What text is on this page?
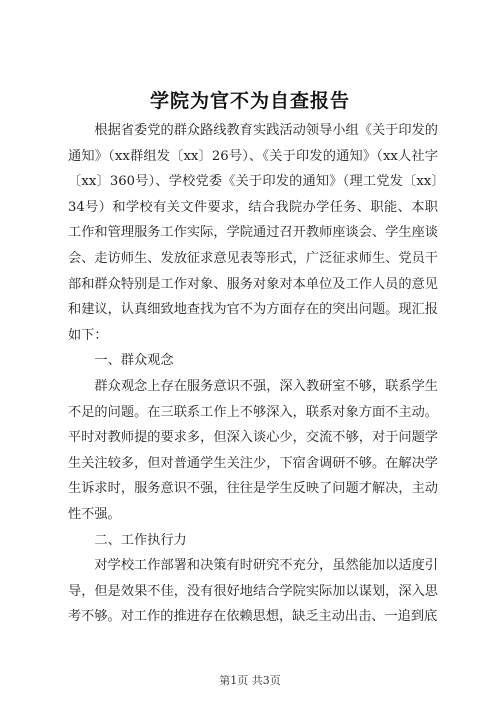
学院为官不为自查报告

根据省委党的群众路线教育实践活动领导小组《关于印发的通知》（xx群组发〔xx〕26号）、《关于印发的通知》（xx人社字〔xx〕360号）、学校党委《关于印发的通知》（理工党发〔xx〕34号）和学校有关文件要求，结合我院办学任务、职能、本职工作和管理服务工作实际，学院通过召开教师座谈会、学生座谈会、走访师生、发放征求意见表等形式，广泛征求师生、党员干部和群众特别是工作对象、服务对象对本单位及工作人员的意见和建议，认真细致地查找为官不为方面存在的突出问题。现汇报如下：

一、群众观念

群众观念上存在服务意识不强，深入教研室不够，联系学生不足的问题。在三联系工作上不够深入，联系对象方面不主动。平时对教师提的要求多，但深入谈心少，交流不够，对于问题学生关注较多，但对普通学生关注少，下宿舍调研不够。在解决学生诉求时，服务意识不强，往往是学生反映了问题才解决，主动性不强。

二、工作执行力

对学校工作部署和决策有时研究不充分，虽然能加以适度引导，但是效果不佳，没有很好地结合学院实际加以谋划，深入思考不够。对工作的推进存在依赖思想，缺乏主动出击、一追到底

第1页 共3页
